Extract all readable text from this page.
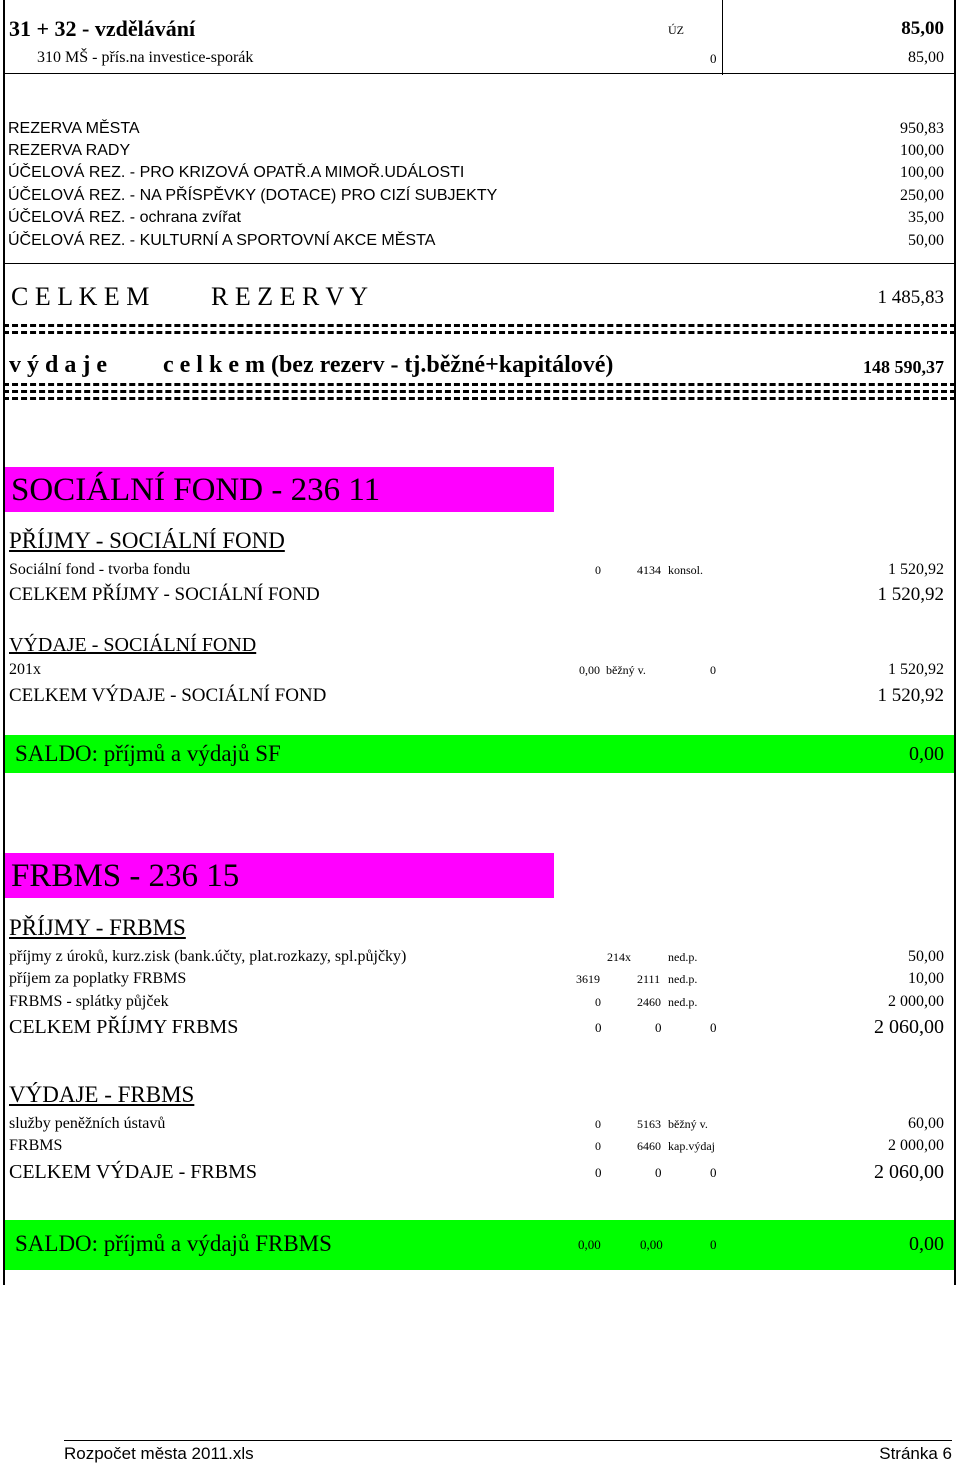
31 + 32 - vzdělávání	ÚZ	85,00
310 MŠ - přís.na investice-sporák	0	85,00
REZERVA MĚSTA	950,83
REZERVA RADY	100,00
ÚČELOVÁ REZ. - PRO KRIZOVÁ OPATŘ.A MIMOŘ.UDÁLOSTI	100,00
ÚČELOVÁ REZ. - NA PŘÍSPĚVKY (DOTACE) PRO CIZÍ SUBJEKTY	250,00
ÚČELOVÁ REZ. - ochrana zvířat	35,00
ÚČELOVÁ REZ. - KULTURNÍ A SPORTOVNÍ AKCE MĚSTA	50,00
C E L K E M R E Z E R V Y	1 485,83
v ý d a j e c e l k e m (bez rezerv - tj.běžné+kapitálové)	148 590,37
SOCIÁLNÍ FOND - 236 11
PŘÍJMY - SOCIÁLNÍ FOND
Sociální fond - tvorba fondu	0	4134 konsol.	1 520,92
CELKEM PŘÍJMY - SOCIÁLNÍ FOND	1 520,92
VÝDAJE - SOCIÁLNÍ FOND
201x	0,00 běžný v.	0	1 520,92
CELKEM VÝDAJE - SOCIÁLNÍ FOND	1 520,92
SALDO: příjmů a výdajů SF	0,00
FRBMS - 236 15
PŘÍJMY - FRBMS
příjmy z úroků, kurz.zisk (bank.účty, plat.rozkazy, spl.půjčky)	214x	ned.p.	50,00
příjem za poplatky FRBMS	3619	2111 ned.p.	10,00
FRBMS - splátky půjček	0	2460 ned.p.	2 000,00
CELKEM PŘÍJMY FRBMS	0	0	0	2 060,00
VÝDAJE - FRBMS
služby peněžních ústavů	0	5163 běžný v.	60,00
FRBMS	0	6460 kap.výdaj	2 000,00
CELKEM VÝDAJE - FRBMS	0	0	0	2 060,00
SALDO: příjmů a výdajů FRBMS	0,00	0,00	0	0,00
Rozpočet města 2011.xls	Stránka 6
